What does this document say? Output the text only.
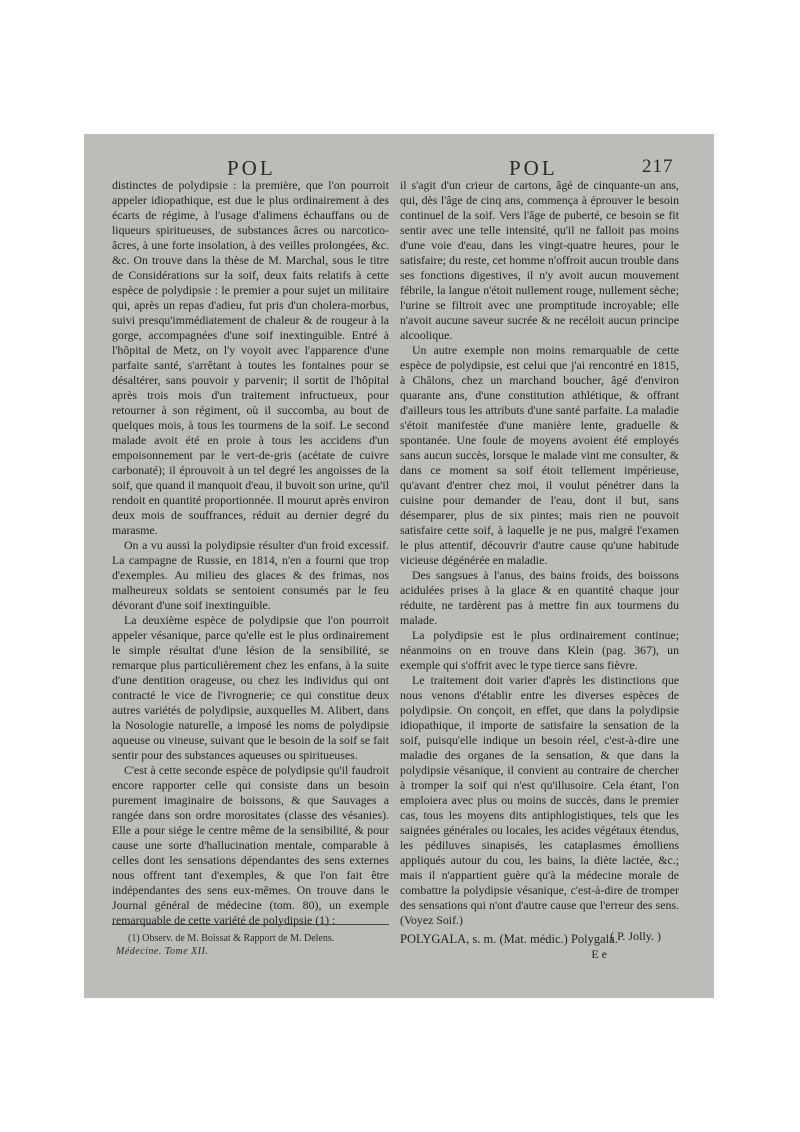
POL	POL	217

distinctes de polydipsie : la première, que l'on pourroit appeler idiopathique, est due le plus ordinairement à des écarts de régime, à l'usage d'alimens échauffans ou de liqueurs spiritueuses, de substances âcres ou narcotico-âcres, à une forte insolation, à des veilles prolongées, &c. &c. On trouve dans la thèse de M. Marchal, sous le titre de Considérations sur la soif, deux faits relatifs à cette espèce de polydipsie : le premier a pour sujet un militaire qui, après un repas d'adieu, fut pris d'un cholera-morbus, suivi presqu'immédiatement de chaleur & de rougeur à la gorge, accompagnées d'une soif inextinguible. Entré à l'hôpital de Metz, on l'y voyoit avec l'apparence d'une parfaite santé, s'arrêtant à toutes les fontaines pour se désaltérer, sans pouvoir y parvenir; il sortit de l'hôpital après trois mois d'un traitement infructueux, pour retourner à son régiment, où il succomba, au bout de quelques mois, à tous les tourmens de la soif. Le second malade avoit été en proie à tous les accidens d'un empoisonnement par le vert-de-gris (acétate de cuivre carbonaté); il éprouvoit à un tel degré les angoisses de la soif, que quand il manquoit d'eau, il buvoit son urine, qu'il rendoit en quantité proportionnée. Il mourut après environ deux mois de souffrances, réduit au dernier degré du marasme.

On a vu aussi la polydipsie résulter d'un froid excessif. La campagne de Russie, en 1814, n'en a fourni que trop d'exemples. Au milieu des glaces & des frimas, nos malheureux soldats se sentoient consumés par le feu dévorant d'une soif inextinguible.

La deuxième espèce de polydipsie que l'on pourroit appeler vésanique, parce qu'elle est le plus ordinairement le simple résultat d'une lésion de la sensibilité, se remarque plus particulièrement chez les enfans, à la suite d'une dentition orageuse, ou chez les individus qui ont contracté le vice de l'ivrognerie; ce qui constitue deux autres variétés de polydipsie, auxquelles M. Alibert, dans la Nosologie naturelle, a imposé les noms de polydipsie aqueuse ou vineuse, suivant que le besoin de la soif se fait sentir pour des substances aqueuses ou spiritueuses.

C'est à cette seconde espèce de polydipsie qu'il faudroit encore rapporter celle qui consiste dans un besoin purement imaginaire de boissons, & que Sauvages a rangée dans son ordre morositates (classe des vésanies). Elle a pour siége le centre même de la sensibilité, & pour cause une sorte d'hallucination mentale, comparable à celles dont les sensations dépendantes des sens externes nous offrent tant d'exemples, & que l'on fait être indépendantes des sens eux-mêmes. On trouve dans le Journal général de médecine (tom. 80), un exemple remarquable de cette variété de polydipsie (1) :

il s'agit d'un crieur de cartons, âgé de cinquante-un ans, qui, dès l'âge de cinq ans, commença à éprouver le besoin continuel de la soif. Vers l'âge de puberté, ce besoin se fit sentir avec une telle intensité, qu'il ne falloit pas moins d'une voie d'eau, dans les vingt-quatre heures, pour le satisfaire; du reste, cet homme n'offroit aucun trouble dans ses fonctions digestives, il n'y avoit aucun mouvement fébrile, la langue n'étoit nullement rouge, nullement sèche; l'urine se filtroit avec une promptitude incroyable; elle n'avoit aucune saveur sucrée & ne recéloit aucun principe alcoolique.

Un autre exemple non moins remarquable de cette espèce de polydipsie, est celui que j'ai rencontré en 1815, à Châlons, chez un marchand boucher, âgé d'environ quarante ans, d'une constitution athlétique, & offrant d'ailleurs tous les attributs d'une santé parfaite. La maladie s'étoit manifestée d'une manière lente, graduelle & spontanée. Une foule de moyens avoient été employés sans aucun succès, lorsque le malade vint me consulter, & dans ce moment sa soif étoit tellement impérieuse, qu'avant d'entrer chez moi, il voulut pénétrer dans la cuisine pour demander de l'eau, dont il but, sans désemparer, plus de six pintes; mais rien ne pouvoit satisfaire cette soif, à laquelle je ne pus, malgré l'examen le plus attentif, découvrir d'autre cause qu'une habitude vicieuse dégénérée en maladie.

Des sangsues à l'anus, des bains froids, des boissons acidulées prises à la glace & en quantité chaque jour réduite, ne tardèrent pas à mettre fin aux tourmens du malade.

La polydipsie est le plus ordinairement continue; néanmoins on en trouve dans Klein (pag. 367), un exemple qui s'offrit avec le type tierce sans fièvre.

Le traitement doit varier d'après les distinctions que nous venons d'établir entre les diverses espèces de polydipsie. On conçoit, en effet, que dans la polydipsie idiopathique, il importe de satisfaire la sensation de la soif, puisqu'elle indique un besoin réel, c'est-à-dire une maladie des organes de la sensation, & que dans la polydipsie vésanique, il convient au contraire de chercher à tromper la soif qui n'est qu'illusoire. Cela étant, l'on emploiera avec plus ou moins de succès, dans le premier cas, tous les moyens dits antiphlogistiques, tels que les saignées générales ou locales, les acides végétaux étendus, les pédiluves sinapisés, les cataplasmes émolliens appliqués autour du cou, les bains, la diète lactée, &c.; mais il n'appartient guère qu'à la médecine morale de combattre la polydipsie vésanique, c'est-à-dire de tromper des sensations qui n'ont d'autre cause que l'erreur des sens. (Voyez Soif.)

( P. Jolly. )
(1) Observ. de M. Boissat & Rapport de M. Delens.
Médecine. Tome XII.
POLYGALA, s. m. (Mat. médic.) Polygala.
E e
